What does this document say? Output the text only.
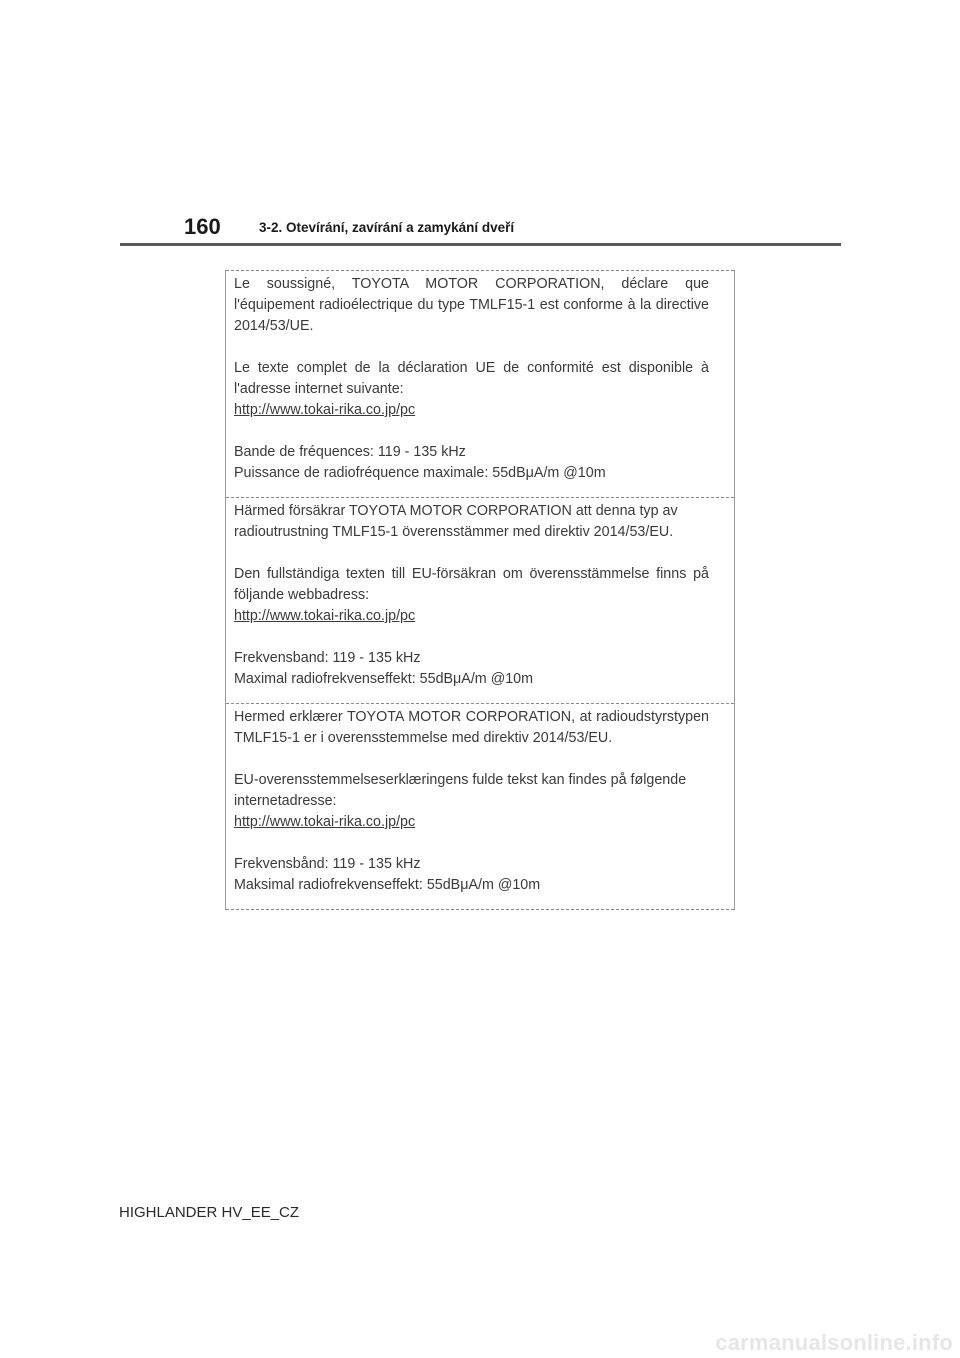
160	3-2. Otevírání, zavírání a zamykání dveří

Le soussigné, TOYOTA MOTOR CORPORATION, déclare que l'équipement radioélectrique du type TMLF15-1 est conforme à la directive 2014/53/UE.

Le texte complet de la déclaration UE de conformité est disponible à l'adresse internet suivante:

http://www.tokai-rika.co.jp/pc

Bande de fréquences: 119 - 135 kHz

Puissance de radiofréquence maximale: 55dBμA/m @10m

Härmed försäkrar TOYOTA MOTOR CORPORATION att denna typ av radioutrustning TMLF15-1 överensstämmer med direktiv 2014/53/EU.

Den fullständiga texten till EU-försäkran om överensstämmelse finns på följande webbadress:

http://www.tokai-rika.co.jp/pc

Frekvensband: 119 - 135 kHz

Maximal radiofrekvenseffekt: 55dBμA/m @10m

Hermed erklærer TOYOTA MOTOR CORPORATION, at radioudstyrstypen TMLF15-1 er i overensstemmelse med direktiv 2014/53/EU.

EU-overensstemmelseserklæringens fulde tekst kan findes på følgende internetadresse:

http://www.tokai-rika.co.jp/pc

Frekvensbånd: 119 - 135 kHz

Maksimal radiofrekvenseffekt: 55dBμA/m @10m

HIGHLANDER HV_EE_CZ
carmanualsonline.info
